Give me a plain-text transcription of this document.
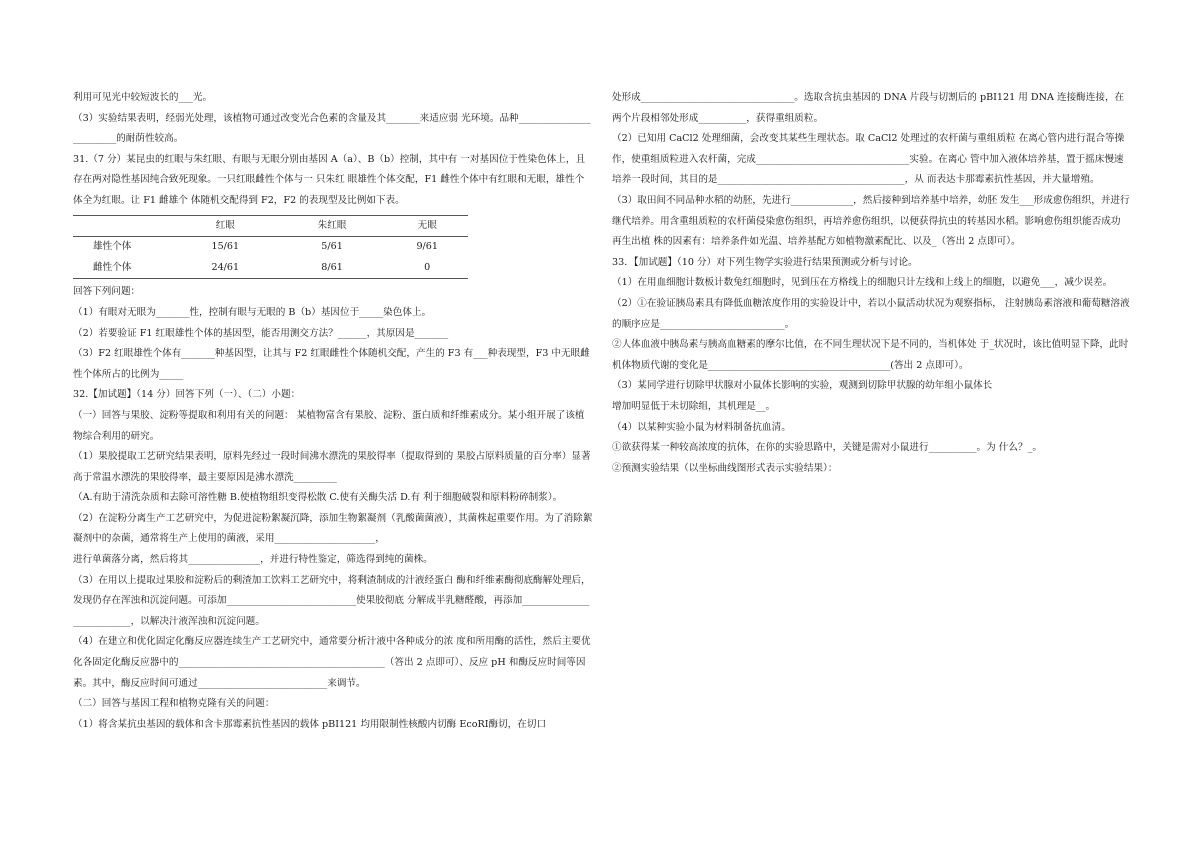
利用可见光中较短波长的___光。

（3）实验结果表明，经弱光处理，该植物可通过改变光合色素的含量及其_______来适应弱 光环境。品种________________________的耐荫性较高。

31.（7 分）某昆虫的红眼与朱红眼、有眼与无眼分别由基因 A（a）、B（b）控制，其中有 一对基因位于性染色体上，且存在两对隐性基因纯合致死现象。一只红眼雌性个体与一 只朱红 眼雄性个体交配，F1 雌性个体中有红眼和无眼，雄性个体全为红眼。让 F1 雌雄个 体随机交配得到 F2，F2 的表现型及比例如下表。

	红眼	朱红眼	无眼
雄性个体	15/61	5/61	9/61
雌性个体	24/61	8/61	0

回答下列问题：

（1）有眼对无眼为_______性，控制有眼与无眼的 B（b）基因位于_____染色体上。

（2）若要验证 F1 红眼雄性个体的基因型，能否用测交方法？______，其原因是_______

（3）F2 红眼雄性个体有_______种基因型，让其与 F2 红眼雌性个体随机交配，产生的 F3 有___种表现型，F3 中无眼雌性个体所占的比例为_____

32.【加试题】（14 分）回答下列（一）、（二）小题：

（一）回答与果胶、淀粉等提取和利用有关的问题： 某植物富含有果胶、淀粉、蛋白质和纤维素成分。某小组开展了该植物综合利用的研究。

（1）果胶提取工艺研究结果表明，原料先经过一段时间沸水漂洗的果胶得率（提取得到的 果胶占原料质量的百分率）显著高于常温水漂洗的果胶得率，最主要原因是沸水漂洗_________

（A.有助于清洗杂质和去除可溶性糖 B.使植物组织变得松散 C.使有关酶失活 D.有 利于细胞破裂和原料粉碎制浆）。

（2）在淀粉分离生产工艺研究中，为促进淀粉絮凝沉降，添加生物絮凝剂（乳酸菌菌液），其菌株起重要作用。为了消除絮凝剂中的杂菌，通常将生产上使用的菌液，采用_____________________，

进行单菌落分离，然后将其_______________，并进行特性鉴定，筛选得到纯的菌株。

（3）在用以上提取过果胶和淀粉后的剩渣加工饮料工艺研究中，将剩渣制成的汁液经蛋白 酶和纤维素酶彻底酶解处理后，发现仍存在浑浊和沉淀问题。可添加___________________________使果胶彻底 分解成半乳糖醛酸，再添加__________________________，以解决汁液浑浊和沉淀问题。

（4）在建立和优化固定化酶反应器连续生产工艺研究中，通常要分析汁液中各种成分的浓 度和所用酶的活性，然后主要优化各固定化酶反应器中的___________________________________________（答出 2 点即可）、反应 pH 和酶反应时间等因素。其中，酶反应时间可通过___________________________来调节。

（二）回答与基因工程和植物克隆有关的问题：

（1）将含某抗虫基因的载体和含卡那霉素抗性基因的载体 pBI121 均用限制性核酸内切酶 EcoRⅠ酶切，在切口

处形成________________________________。选取含抗虫基因的 DNA 片段与切割后的 pBI121 用 DNA 连接酶连接，在两个片段相邻处形成__________，获得重组质粒。

（2）已知用 CaCl2 处理细菌，会改变其某些生理状态。取 CaCl2 处理过的农杆菌与重组质粒 在离心管内进行混合等操作，使重组质粒进入农杆菌，完成________________________________实验。在离心 管中加入液体培养基，置于摇床慢速培养一段时间，其目的是_______________________________________，从 而表达卡那霉素抗性基因，并大量增殖。

（3）取田间不同品种水稻的幼胚，先进行_____________，然后接种到培养基中培养，幼胚 发生___形成愈伤组织，并进行继代培养。用含重组质粒的农杆菌侵染愈伤组织，再培养愈伤组织，以便获得抗虫的转基因水稻。影响愈伤组织能否成功再生出植 株的因素有：培养条件如光温、培养基配方如植物激素配比、以及_（答出 2 点即可）。

33．【加试题】（10 分）对下列生物学实验进行结果预测或分析与讨论。

（1）在用血细胞计数板计数兔红细胞时，见到压在方格线上的细胞只计左线和上线上的细胞，以避免___，减少误差。

（2）①在验证胰岛素具有降低血糖浓度作用的实验设计中，若以小鼠活动状况为观察指标， 注射胰岛素溶液和葡萄糖溶液的顺序应是__________________________。

②人体血液中胰岛素与胰高血糖素的摩尔比值，在不同生理状况下是不同的，当机体处 于_状况时，该比值明显下降，此时机体物质代谢的变化是______________________________________(答出 2 点即可）。

（3）某同学进行切除甲状腺对小鼠体长影响的实验，观测到切除甲状腺的幼年组小鼠体长

增加明显低于未切除组，其机理是__。

（4）以某种实验小鼠为材料制备抗血清。

①欲获得某一种较高浓度的抗体，在你的实验思路中，关键是需对小鼠进行__________。为 什么？_。

②预测实验结果（以坐标曲线图形式表示实验结果）：
